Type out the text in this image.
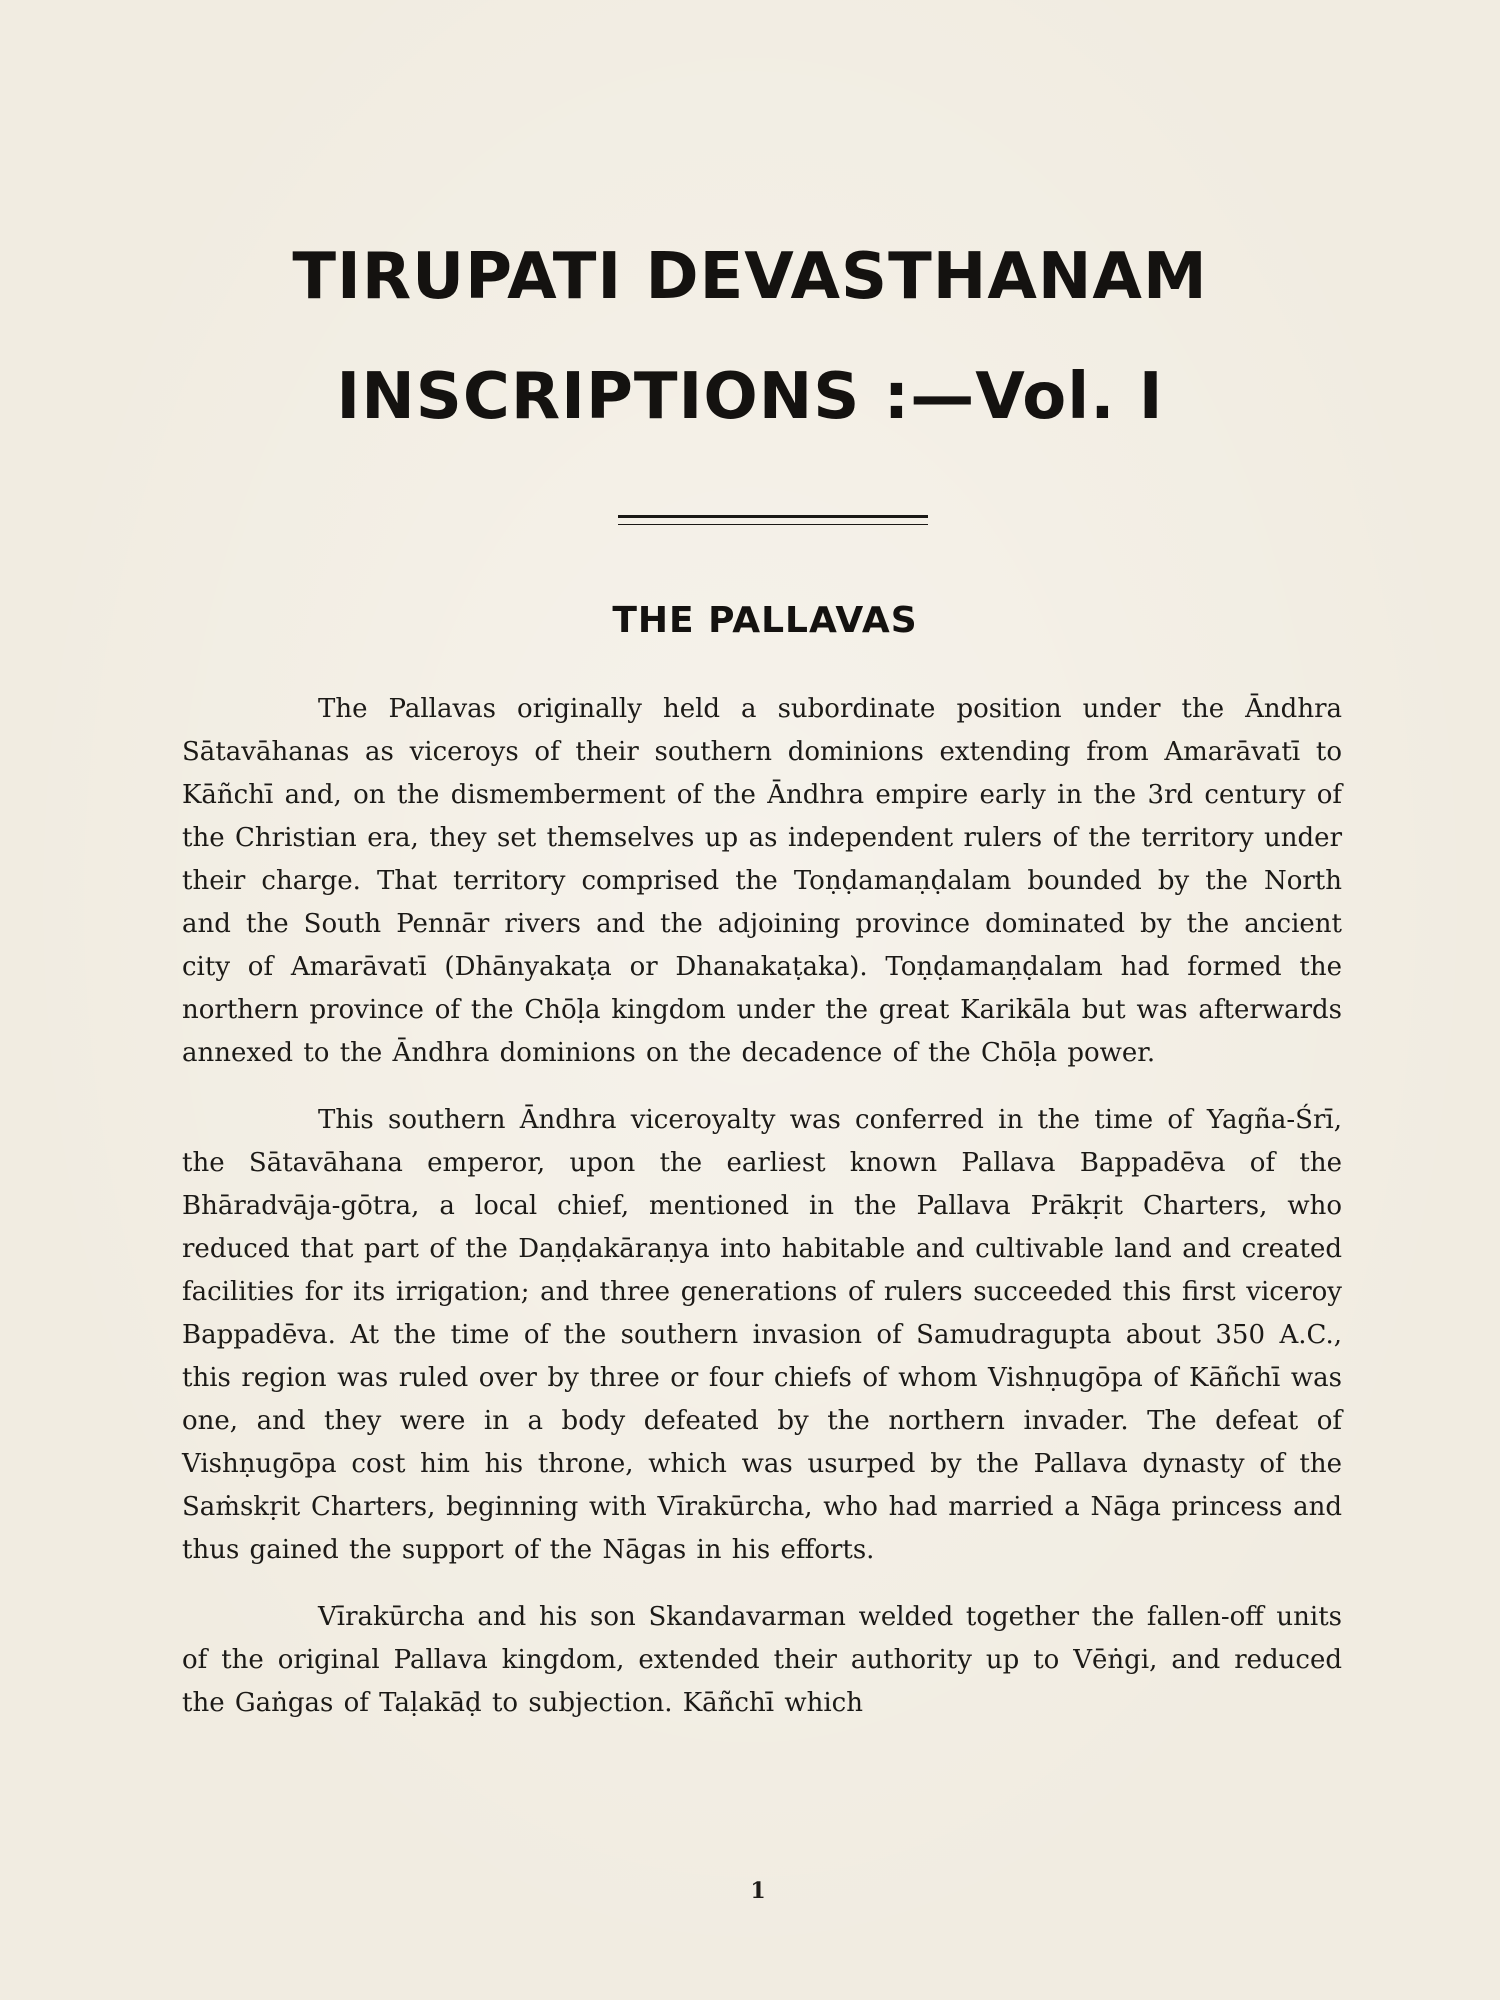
TIRUPATI DEVASTHANAM
INSCRIPTIONS :—Vol. I
THE PALLAVAS

The Pallavas originally held a subordinate position under the Āndhra Sātavāhanas as viceroys of their southern dominions extending from Amarāvatī to Kāñchī and, on the dismemberment of the Āndhra empire early in the 3rd century of the Christian era, they set themselves up as independent rulers of the territory under their charge. That territory comprised the Toṇḍamaṇḍalam bounded by the North and the South Pennār rivers and the adjoining province dominated by the ancient city of Amarāvatī (Dhānyakaṭa or Dhanakaṭaka). Toṇḍamaṇḍalam had formed the northern province of the Chōḷa kingdom under the great Karikāla but was afterwards annexed to the Āndhra dominions on the decadence of the Chōḷa power.

This southern Āndhra viceroyalty was conferred in the time of Yagña-Śrī, the Sātavāhana emperor, upon the earliest known Pallava Bappadēva of the Bhāradvāja-gōtra, a local chief, mentioned in the Pallava Prākṛit Charters, who reduced that part of the Daṇḍakāraṇya into habitable and cultivable land and created facilities for its irrigation; and three generations of rulers succeeded this first viceroy Bappadēva. At the time of the southern invasion of Samudragupta about 350 A.C., this region was ruled over by three or four chiefs of whom Vishṇugōpa of Kāñchī was one, and they were in a body defeated by the northern invader. The defeat of Vishṇugōpa cost him his throne, which was usurped by the Pallava dynasty of the Saṁskṛit Charters, beginning with Vīrakūrcha, who had married a Nāga princess and thus gained the support of the Nāgas in his efforts.

Vīrakūrcha and his son Skandavarman welded together the fallen-off units of the original Pallava kingdom, extended their authority up to Vēṅgi, and reduced the Gaṅgas of Taḷakāḍ to subjection. Kāñchī which

1
